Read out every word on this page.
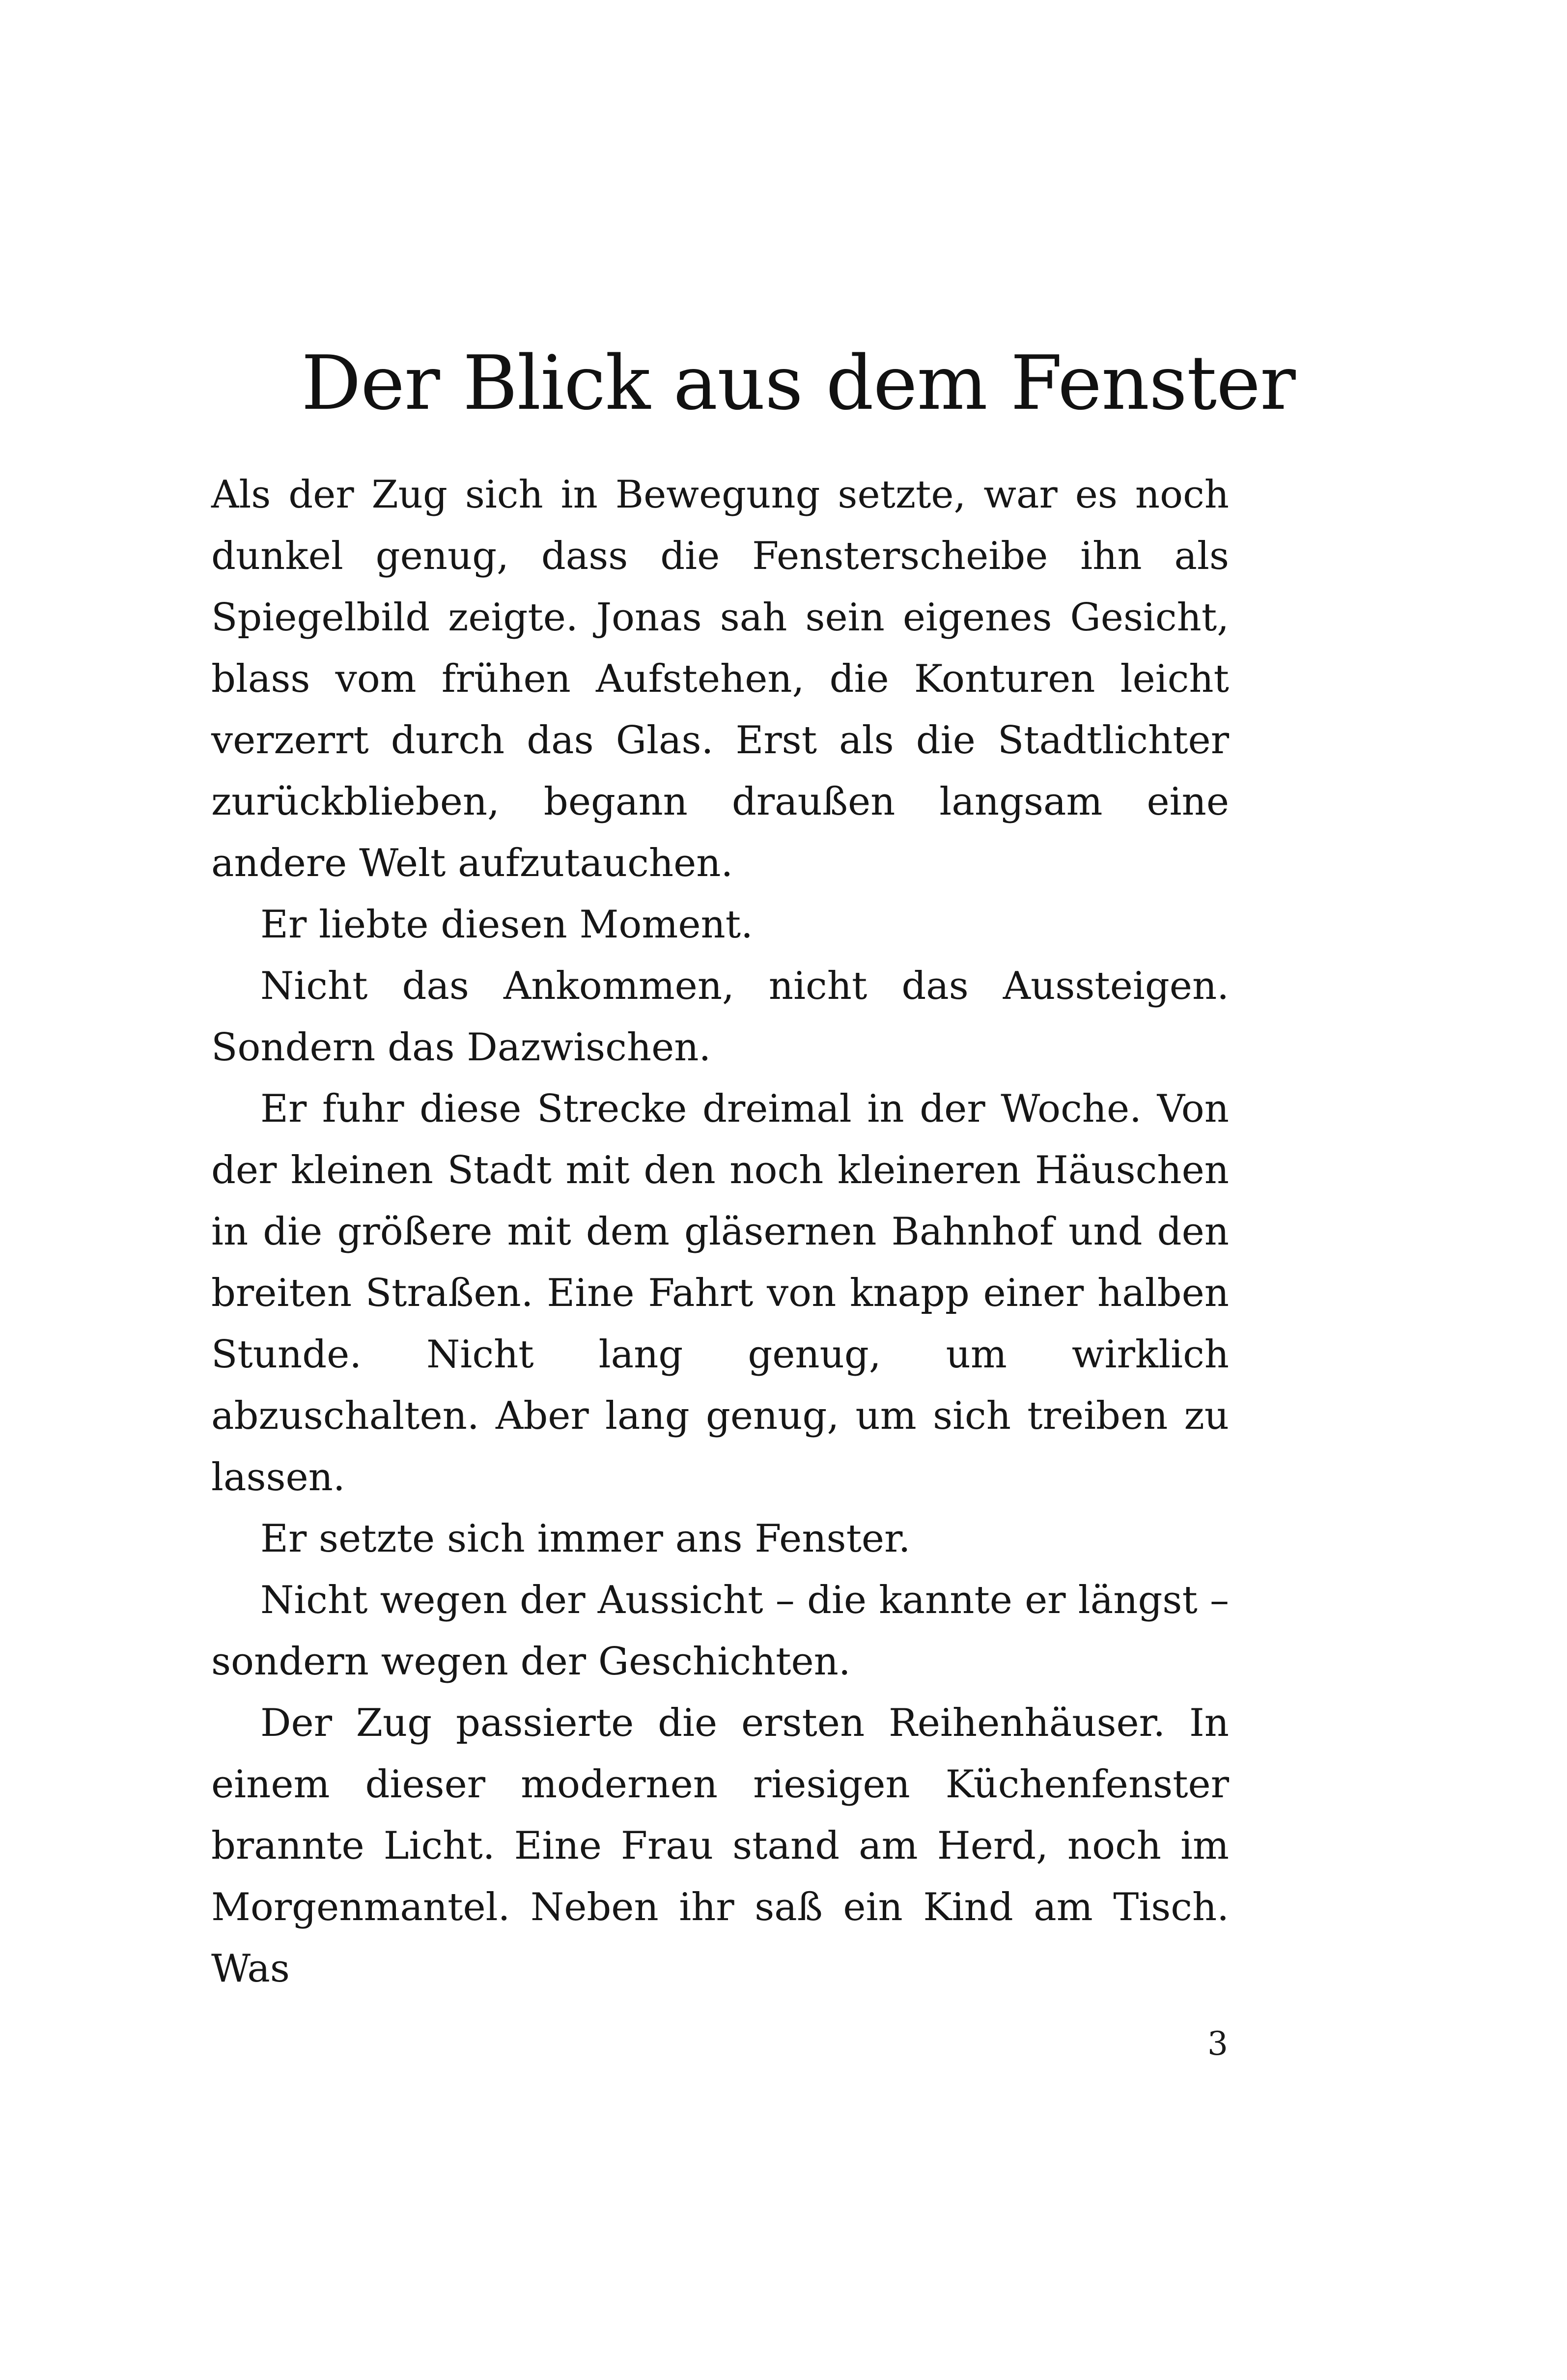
Der Blick aus dem Fenster

Als der Zug sich in Bewegung setzte, war es noch dunkel genug, dass die Fensterscheibe ihn als Spiegelbild zeigte. Jonas sah sein eigenes Gesicht, blass vom frühen Aufstehen, die Konturen leicht verzerrt durch das Glas. Erst als die Stadtlichter zurückblieben, begann draußen langsam eine andere Welt aufzutauchen.

Er liebte diesen Moment.

Nicht das Ankommen, nicht das Aussteigen. Sondern das Dazwischen.

Er fuhr diese Strecke dreimal in der Woche. Von der kleinen Stadt mit den noch kleineren Häuschen in die größere mit dem gläsernen Bahnhof und den breiten Straßen. Eine Fahrt von knapp einer halben Stunde. Nicht lang genug, um wirklich abzuschalten. Aber lang genug, um sich treiben zu lassen.

Er setzte sich immer ans Fenster.

Nicht wegen der Aussicht – die kannte er längst – sondern wegen der Geschichten.

Der Zug passierte die ersten Reihenhäuser. In einem dieser modernen riesigen Küchenfenster brannte Licht. Eine Frau stand am Herd, noch im Morgenmantel. Neben ihr saß ein Kind am Tisch. Was

3
